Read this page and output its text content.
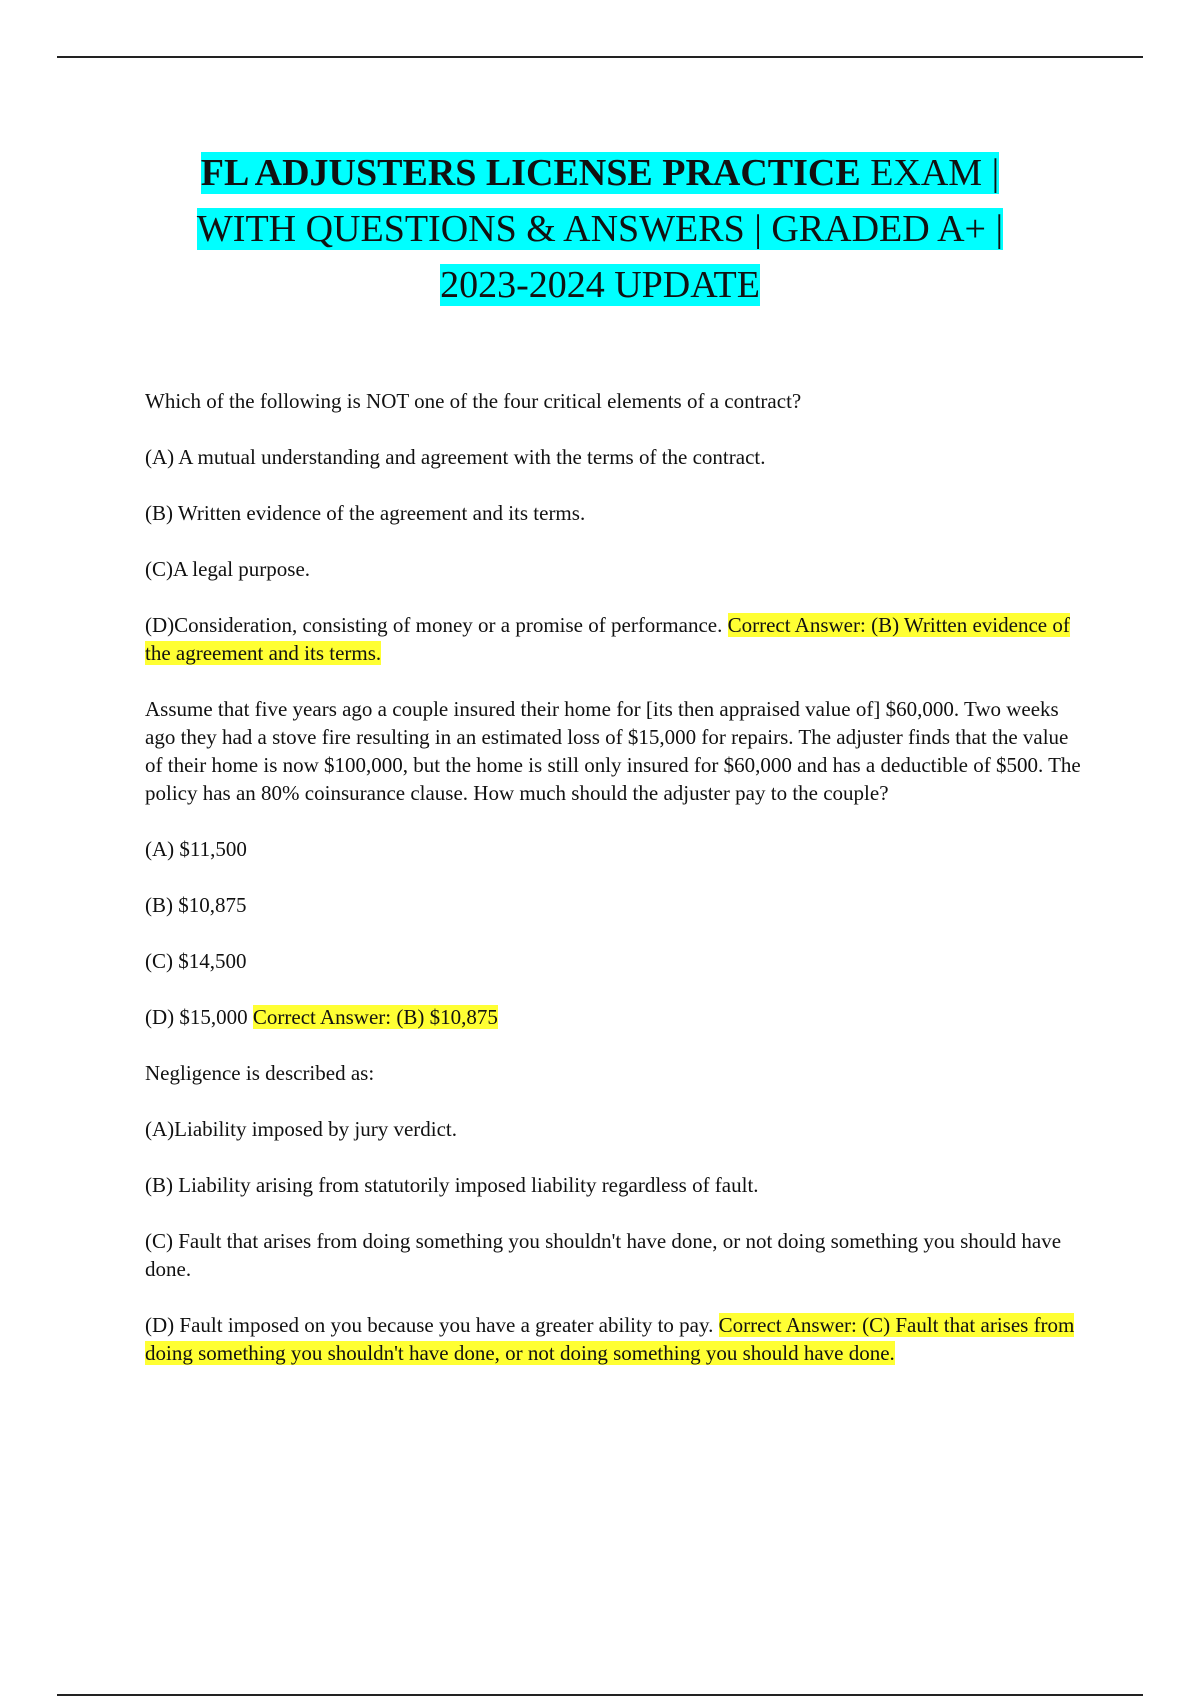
FL ADJUSTERS LICENSE PRACTICE EXAM |
WITH QUESTIONS & ANSWERS | GRADED A+ |
2023-2024 UPDATE

Which of the following is NOT one of the four critical elements of a contract?

(A) A mutual understanding and agreement with the terms of the contract.

(B) Written evidence of the agreement and its terms.

(C)A legal purpose.

(D)Consideration, consisting of money or a promise of performance. Correct Answer: (B) Written evidence of the agreement and its terms.

Assume that five years ago a couple insured their home for [its then appraised value of] $60,000. Two weeks ago they had a stove fire resulting in an estimated loss of $15,000 for repairs. The adjuster finds that the value of their home is now $100,000, but the home is still only insured for $60,000 and has a deductible of $500. The policy has an 80% coinsurance clause. How much should the adjuster pay to the couple?

(A) $11,500

(B) $10,875

(C) $14,500

(D) $15,000 Correct Answer: (B) $10,875

Negligence is described as:

(A)Liability imposed by jury verdict.

(B) Liability arising from statutorily imposed liability regardless of fault.

(C) Fault that arises from doing something you shouldn't have done, or not doing something you should have done.

(D) Fault imposed on you because you have a greater ability to pay. Correct Answer: (C) Fault that arises from doing something you shouldn't have done, or not doing something you should have done.
